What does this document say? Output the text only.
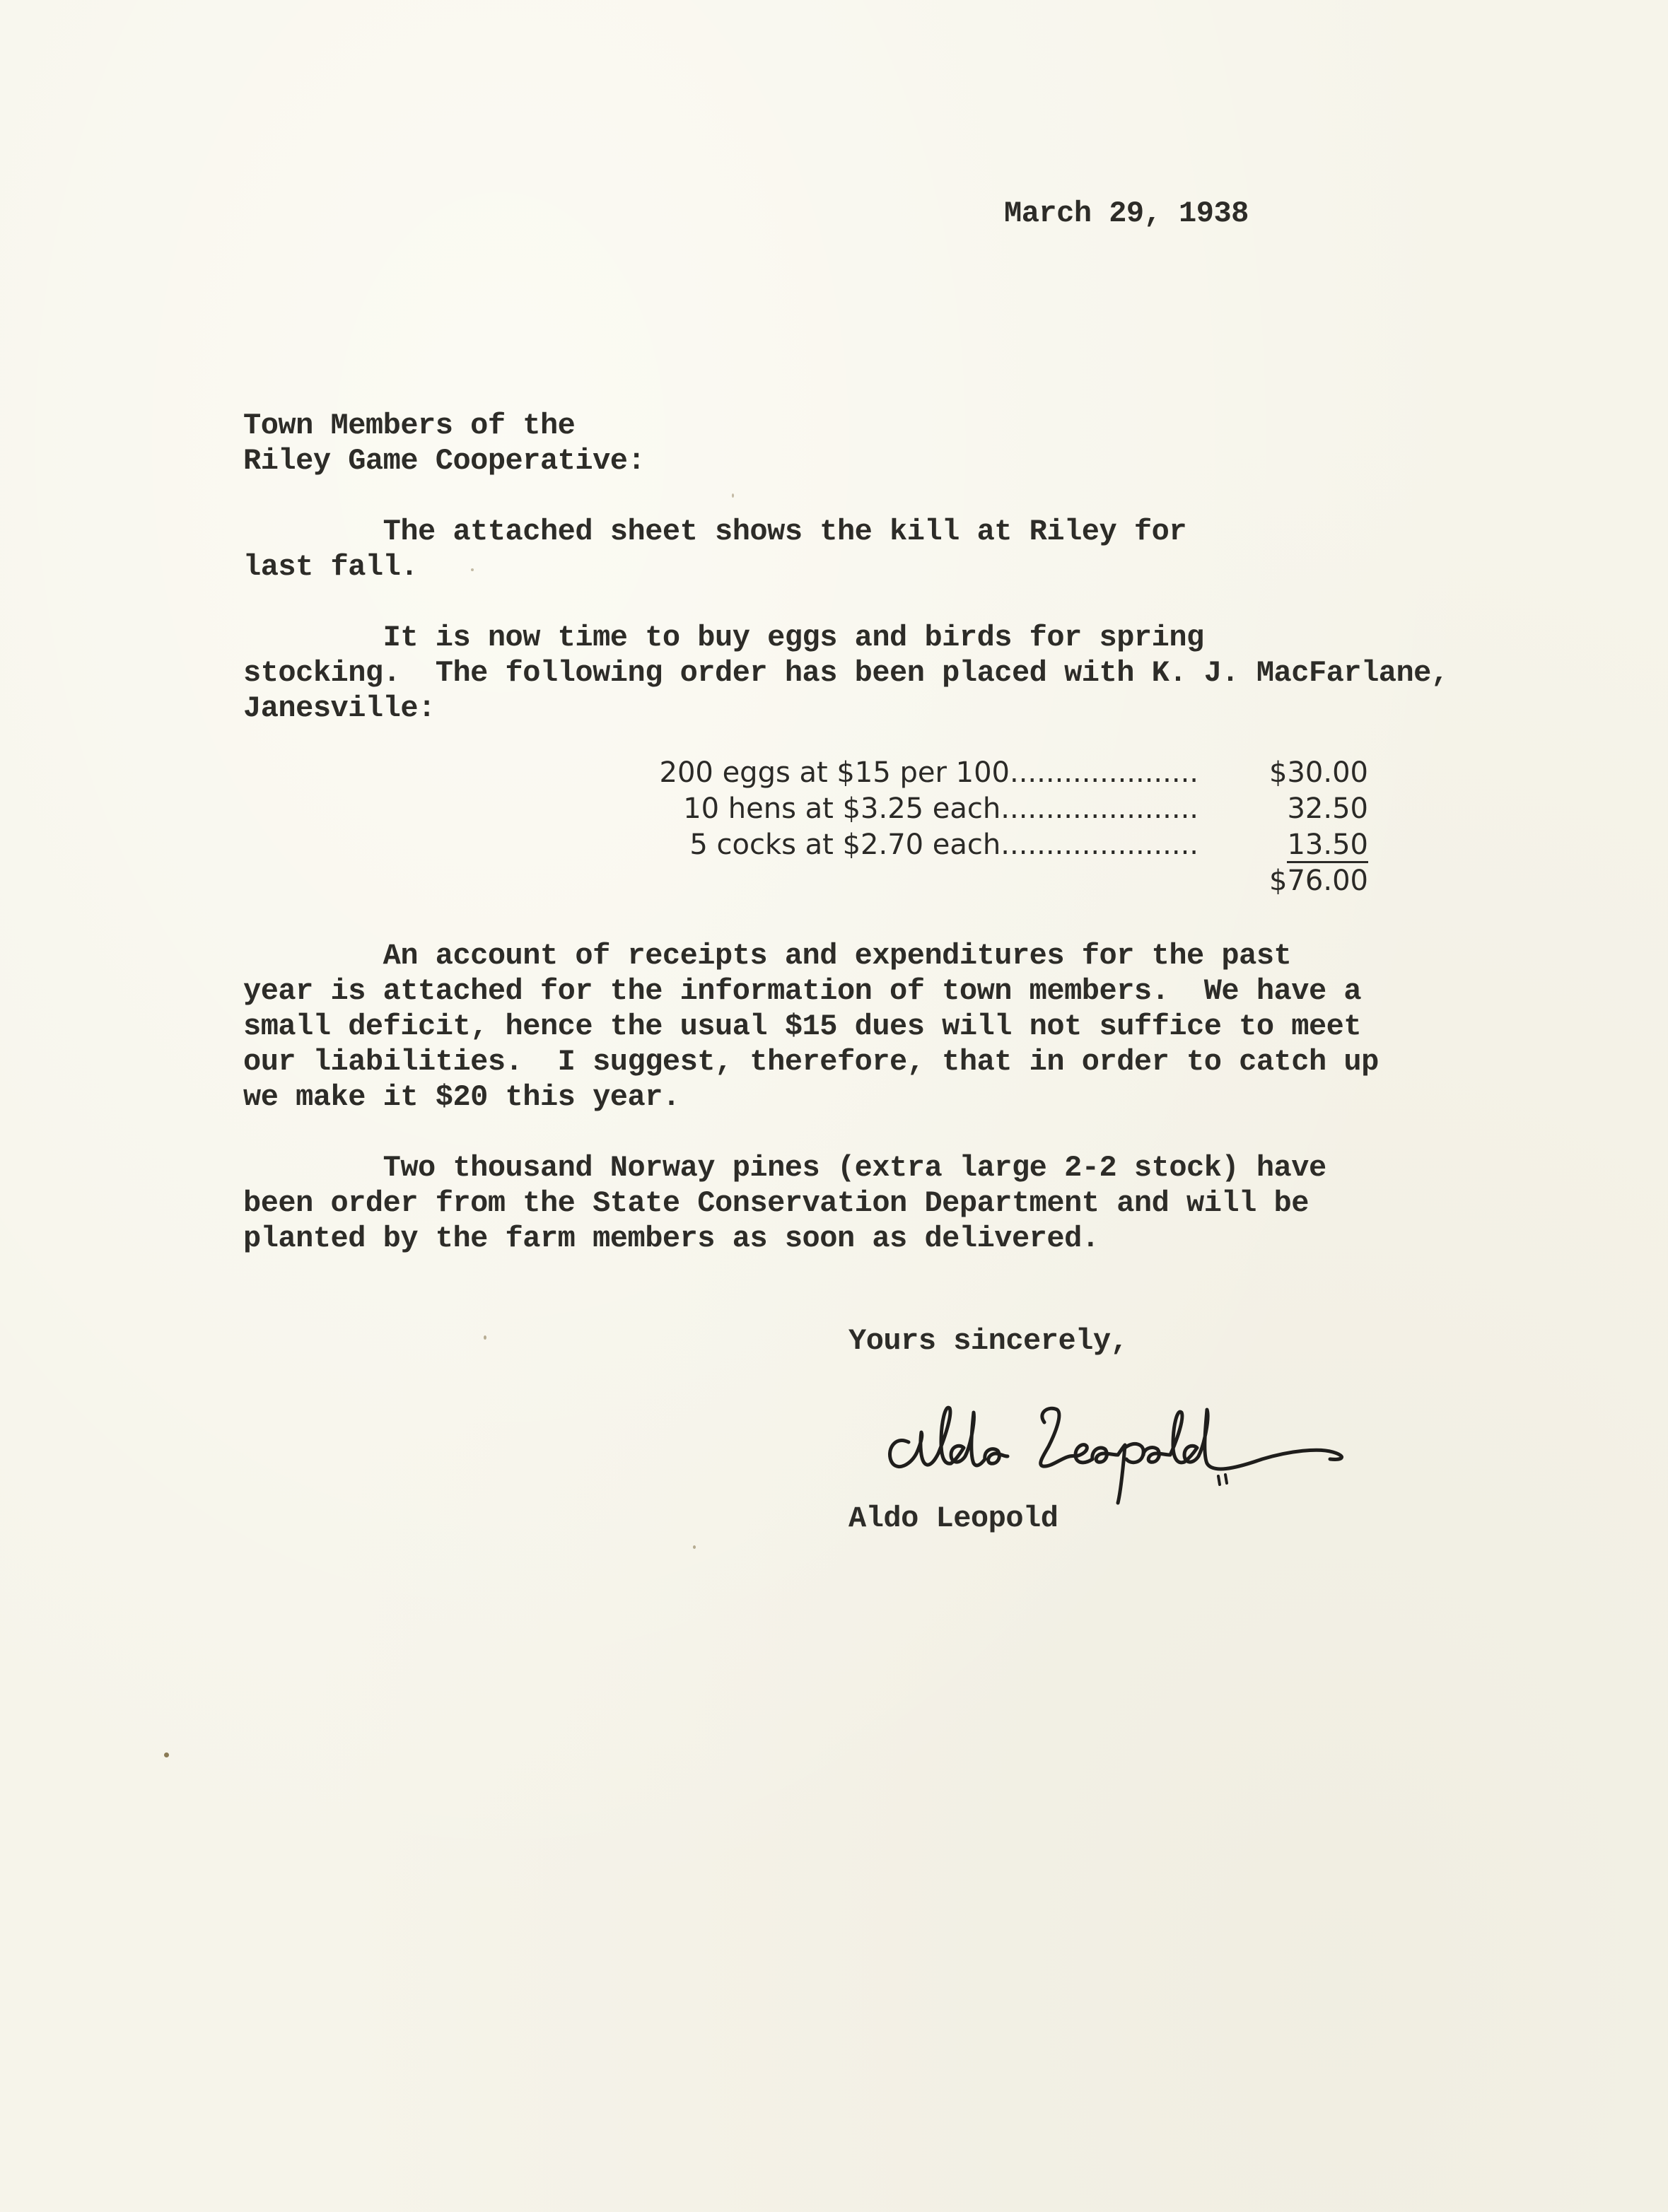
March 29, 1938
Town Members of the
Riley Game Cooperative:
The attached sheet shows the kill at Riley for
last fall.
It is now time to buy eggs and birds for spring
stocking.  The following order has been placed with K. J. MacFarlane,
Janesville:
200 eggs at $15 per 100.....................	$30.00
10 hens at $3.25 each......................	32.50
5 cocks at $2.70 each......................	13.50
$76.00
An account of receipts and expenditures for the past
year is attached for the information of town members.  We have a
small deficit, hence the usual $15 dues will not suffice to meet
our liabilities.  I suggest, therefore, that in order to catch up
we make it $20 this year.
Two thousand Norway pines (extra large 2-2 stock) have
been order from the State Conservation Department and will be
planted by the farm members as soon as delivered.
Yours sincerely,
Aldo Leopold
